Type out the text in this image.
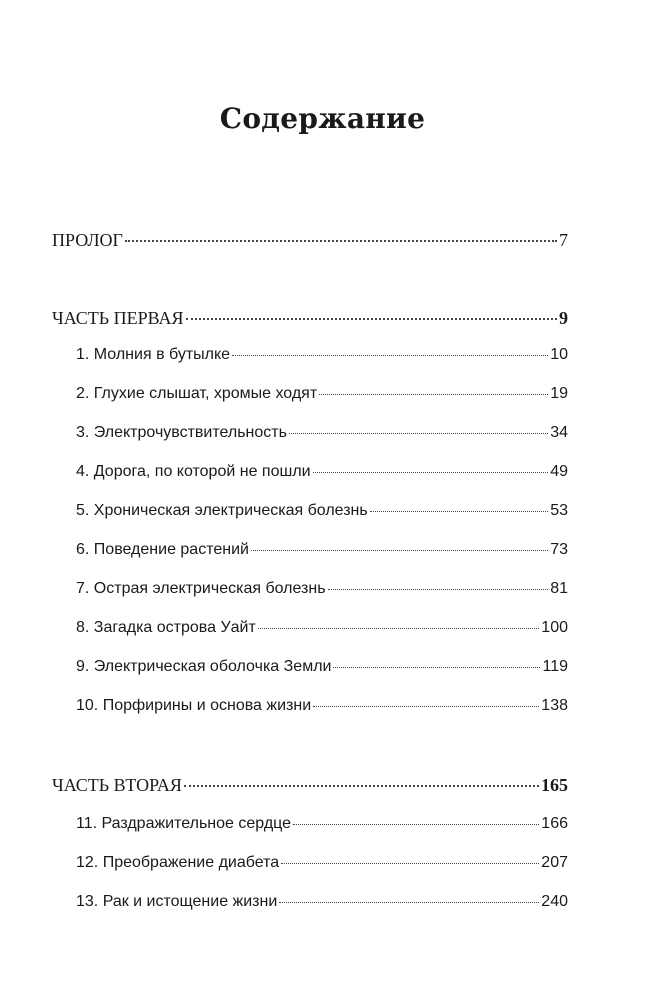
Содержание
ПРОЛОГ	7
ЧАСТЬ ПЕРВАЯ	9
1. Молния в бутылке	10
2. Глухие слышат, хромые ходят	19
3. Электрочувствительность	34
4. Дорога, по которой не пошли	49
5. Хроническая электрическая болезнь	53
6. Поведение растений	73
7. Острая электрическая болезнь	81
8. Загадка острова Уайт	100
9. Электрическая оболочка Земли	119
10. Порфирины и основа жизни	138
ЧАСТЬ ВТОРАЯ	165
11. Раздражительное сердце	166
12. Преображение диабета	207
13. Рак и истощение жизни	240
